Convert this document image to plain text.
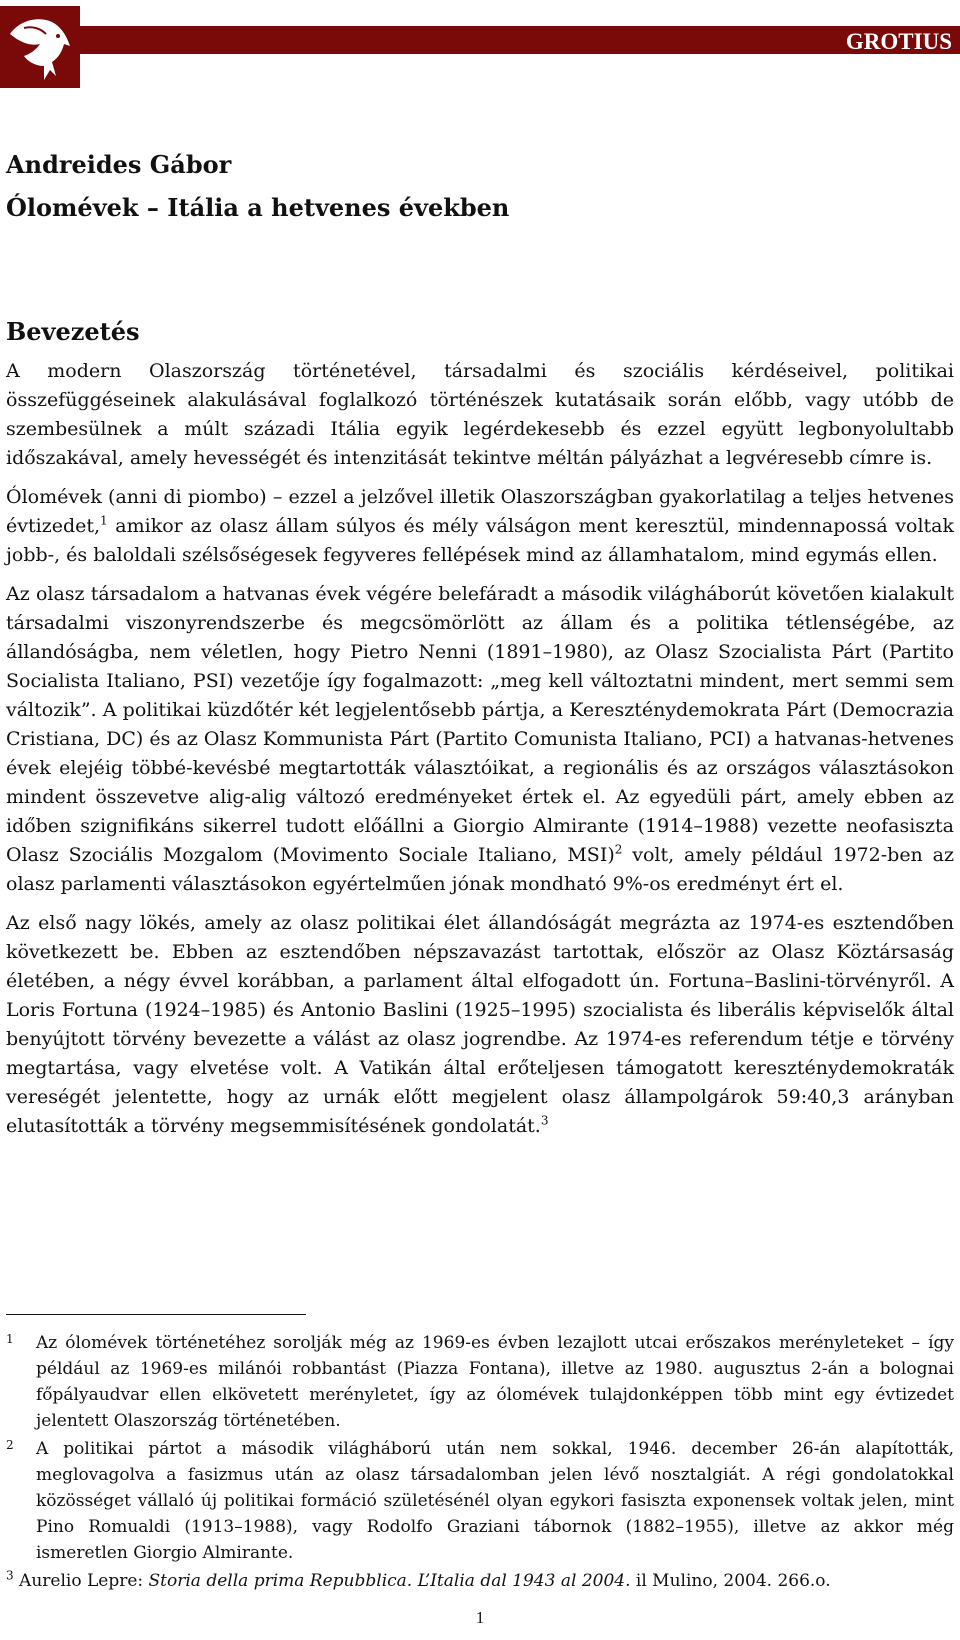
GROTIUS
Andreides Gábor
Ólomévek – Itália a hetvenes években
Bevezetés

A modern Olaszország történetével, társadalmi és szociális kérdéseivel, politikai összefüggéseinek alakulásával foglalkozó történészek kutatásaik során előbb, vagy utóbb de szembesülnek a múlt századi Itália egyik legérdekesebb és ezzel együtt legbonyolultabb időszakával, amely hevességét és intenzitását tekintve méltán pályázhat a legvéresebb címre is.

Ólomévek (anni di piombo) – ezzel a jelzővel illetik Olaszországban gyakorlatilag a teljes hetvenes évtizedet,$^1$ amikor az olasz állam súlyos és mély válságon ment keresztül, mindennapossá voltak jobb-, és baloldali szélsőségesek fegyveres fellépések mind az államhatalom, mind egymás ellen.

Az olasz társadalom a hatvanas évek végére belefáradt a második világháborút követően kialakult társadalmi viszonyrendszerbe és megcsömörlött az állam és a politika tétlenségébe, az állandóságba, nem véletlen, hogy Pietro Nenni (1891–1980), az Olasz Szocialista Párt (Partito Socialista Italiano, PSI) vezetője így fogalmazott: „meg kell változtatni mindent, mert semmi sem változik”. A politikai küzdőtér két legjelentősebb pártja, a Kereszténydemokrata Párt (Democrazia Cristiana, DC) és az Olasz Kommunista Párt (Partito Comunista Italiano, PCI) a hatvanas-hetvenes évek elejéig többé-kevésbé megtartották választóikat, a regionális és az országos választásokon mindent összevetve alig-alig változó eredményeket értek el. Az egyedüli párt, amely ebben az időben szignifikáns sikerrel tudott előállni a Giorgio Almirante (1914–1988) vezette neofasiszta Olasz Szociális Mozgalom (Movimento Sociale Italiano, MSI)$^2$ volt, amely például 1972-ben az olasz parlamenti választásokon egyértelműen jónak mondható 9%-os eredményt ért el.

Az első nagy lökés, amely az olasz politikai élet állandóságát megrázta az 1974-es esztendőben következett be. Ebben az esztendőben népszavazást tartottak, először az Olasz Köztársaság életében, a négy évvel korábban, a parlament által elfogadott ún. Fortuna–Baslini-törvényről. A Loris Fortuna (1924–1985) és Antonio Baslini (1925–1995) szocialista és liberális képviselők által benyújtott törvény bevezette a válást az olasz jogrendbe. Az 1974-es referendum tétje e törvény megtartása, vagy elvetése volt. A Vatikán által erőteljesen támogatott kereszténydemokraták vereségét jelentette, hogy az urnák előtt megjelent olasz állampolgárok 59:40,3 arányban elutasították a törvény megsemmisítésének gondolatát.$^3$

1 Az ólomévek történetéhez sorolják még az 1969-es évben lezajlott utcai erőszakos merényleteket – így például az 1969-es milánói robbantást (Piazza Fontana), illetve az 1980. augusztus 2-án a bolognai főpályaudvar ellen elkövetett merényletet, így az ólomévek tulajdonképpen több mint egy évtizedet jelentett Olaszország történetében.
2 A politikai pártot a második világháború után nem sokkal, 1946. december 26-án alapították, meglovagolva a fasizmus után az olasz társadalomban jelen lévő nosztalgiát. A régi gondolatokkal közösséget vállaló új politikai formáció születésénél olyan egykori fasiszta exponensek voltak jelen, mint Pino Romualdi (1913–1988), vagy Rodolfo Graziani tábornok (1882–1955), illetve az akkor még ismeretlen Giorgio Almirante.
$^3$ Aurelio Lepre: Storia della prima Repubblica. L’Italia dal 1943 al 2004. il Mulino, 2004. 266.o.
1
